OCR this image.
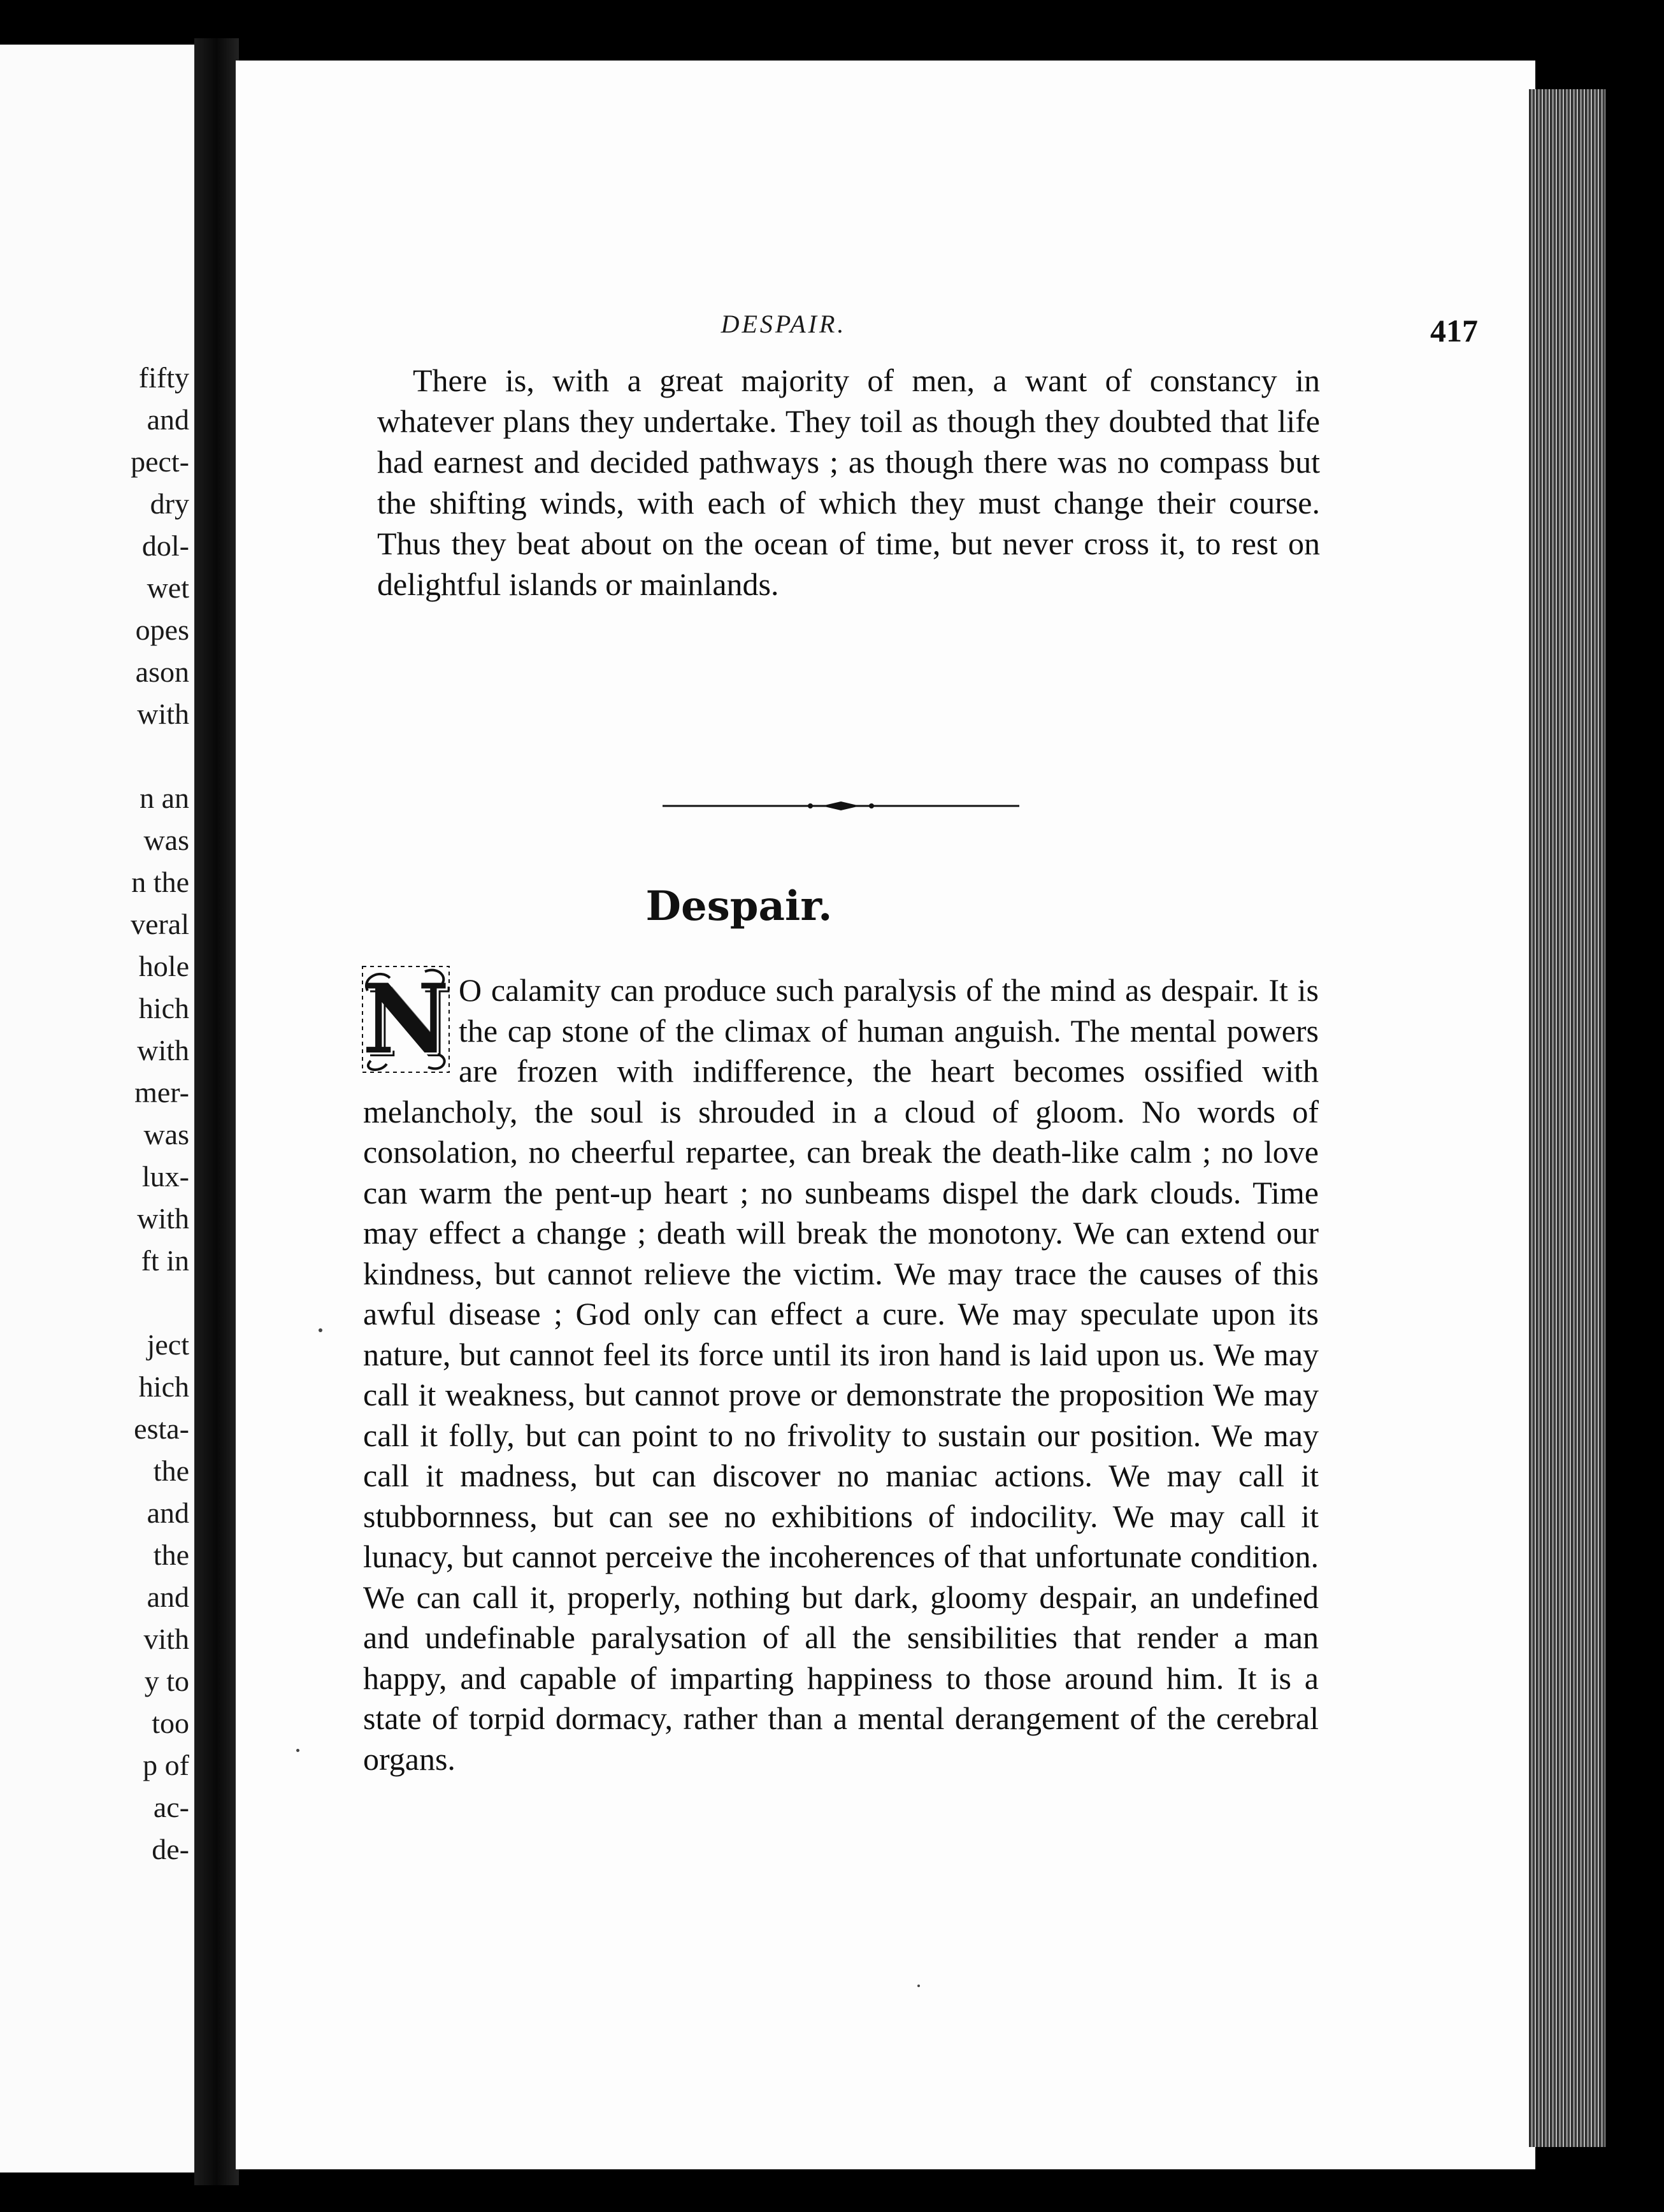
fifty
and
pect-
dry
dol-
wet
opes
ason
with
n an
was
n the
veral
hole
hich
with
mer-
was
lux-
with
ft in
ject
hich
esta-
the
and
the
and
vith
y to
too
p of
ac-
de-
DESPAIR.	417

There is, with a great majority of men, a want of constancy in whatever plans they undertake. They toil as though they doubted that life had earnest and decided pathways ; as though there was no compass but the shifting winds, with each of which they must change their course. Thus they beat about on the ocean of time, but never cross it, to rest on delightful islands or mainlands.

Despair.
N O calamity can produce such paralysis of the mind as despair. It is the cap stone of the climax of human anguish. The mental powers are frozen with indifference, the heart becomes ossified with melancholy, the soul is shrouded in a cloud of gloom. No words of consolation, no cheerful repartee, can break the death-like calm ; no love can warm the pent-up heart ; no sunbeams dispel the dark clouds. Time may effect a change ; death will break the monotony. We can extend our kindness, but cannot relieve the victim. We may trace the causes of this awful disease ; God only can effect a cure. We may speculate upon its nature, but cannot feel its force until its iron hand is laid upon us. We may call it weakness, but cannot prove or demonstrate the proposition We may call it folly, but can point to no frivolity to sustain our position. We may call it madness, but can discover no maniac actions. We may call it stubbornness, but can see no exhibitions of indocility. We may call it lunacy, but cannot perceive the incoherences of that unfortunate condition. We can call it, properly, nothing but dark, gloomy despair, an undefined and undefinable paralysation of all the sensibilities that render a man happy, and capable of imparting happiness to those around him. It is a state of torpid dormacy, rather than a mental derangement of the cerebral organs.
